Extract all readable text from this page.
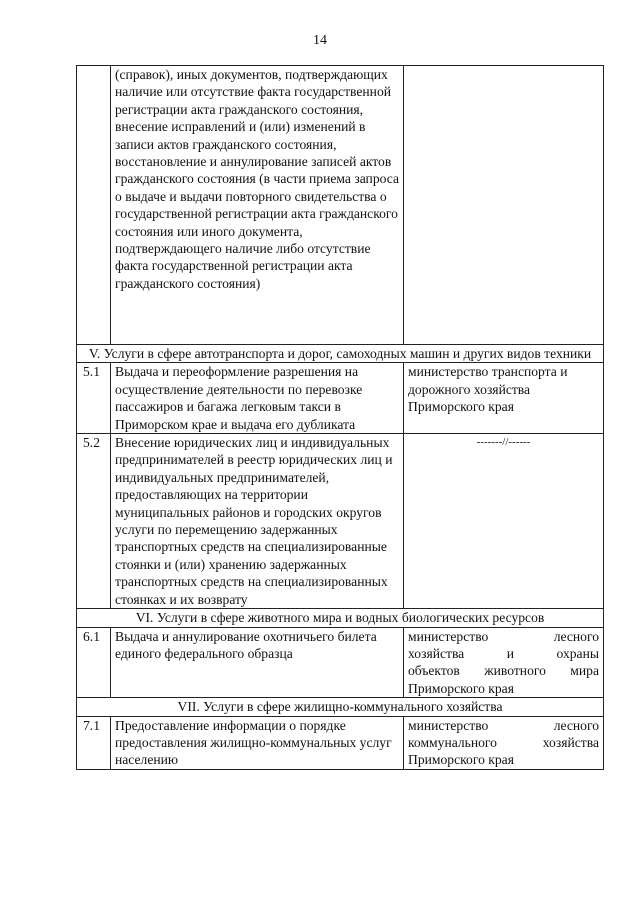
14
	(справок), иных документов, подтверждающих наличие или отсутствие факта государственной регистрации акта гражданского состояния, внесение исправлений и (или) изменений в записи актов гражданского состояния, восстановление и аннулирование записей актов гражданского состояния (в части приема запроса о выдаче и выдачи повторного свидетельства о государственной регистрации акта гражданского состояния или иного документа, подтверждающего наличие либо отсутствие факта государственной регистрации акта гражданского состояния)	
V. Услуги в сфере автотранспорта и дорог, самоходных машин и других видов техники		
5.1	Выдача и переоформление разрешения на осуществление деятельности по перевозке пассажиров и багажа легковым такси в Приморском крае и выдача его дубликата	министерство транспорта и дорожного хозяйства Приморского края
5.2	Внесение юридических лиц и индивидуальных предпринимателей в реестр юридических лиц и индивидуальных предпринимателей, предоставляющих на территории муниципальных районов и городских округов услуги по перемещению задержанных транспортных средств на специализированные стоянки и (или) хранению задержанных транспортных средств на специализированных стоянках и их возврату	-------//------

VI. Услуги в сфере животного мира и водных биологических ресурсов		
6.1	Выдача и аннулирование охотничьего билета единого федерального образца	министерство лесного
хозяйства и охраны
объектов животного мира
Приморского края

VII. Услуги в сфере жилищно-коммунального хозяйства		
7.1	Предоставление информации о порядке предоставления жилищно-коммунальных услуг населению	министерство лесного
коммунального хозяйства
Приморского края
